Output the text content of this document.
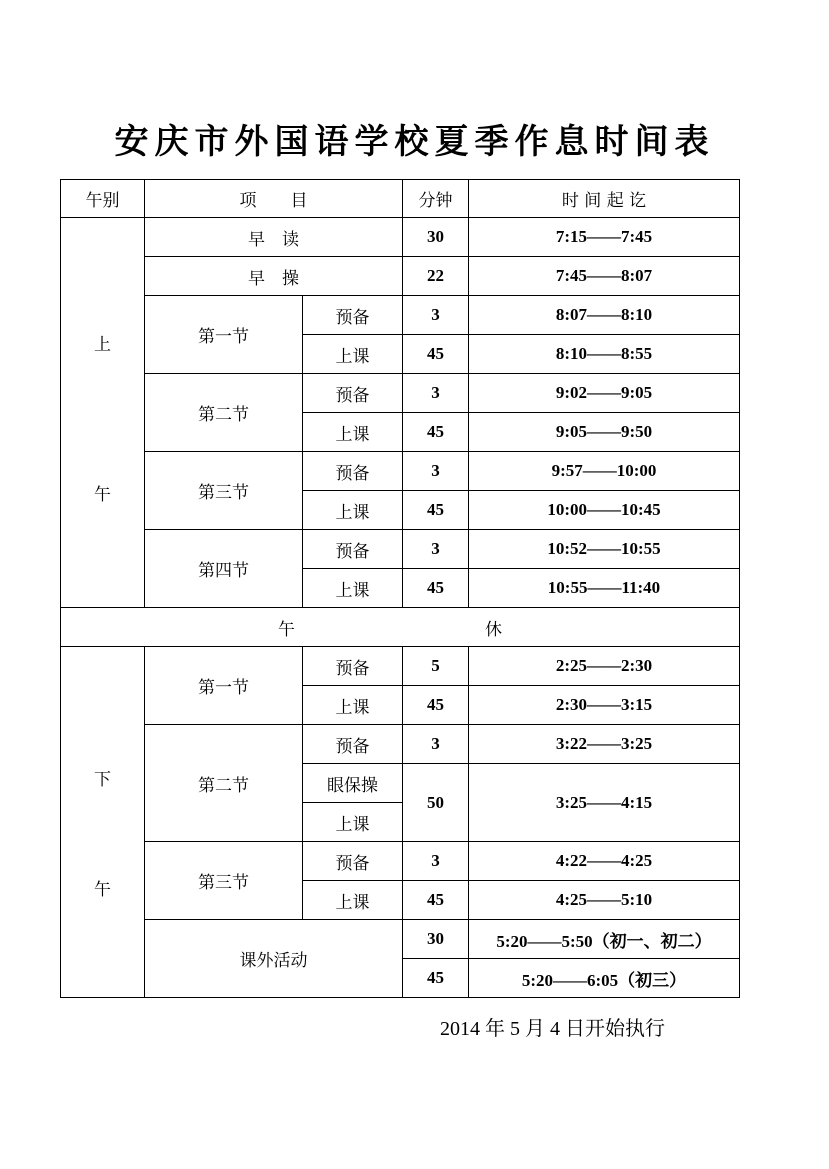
安庆市外国语学校夏季作息时间表
午别	项　　目		分钟	时 间 起 讫

上
午	早　读		30	7:15——7:45
	早　操		22	7:45——8:07
	第一节	预备	3	8:07——8:10
		上课	45	8:10——8:55
	第二节	预备	3	9:02——9:05
		上课	45	9:05——9:50
	第三节	预备	3	9:57——10:00
		上课	45	10:00——10:45
	第四节	预备	3	10:52——10:55
		上课	45	10:55——11:40

午 休				

下
午	第一节	预备	5	2:25——2:30
		上课	45	2:30——3:15
	第二节	预备	3	3:22——3:25
		眼保操	50	3:25——4:15
		上课		
	第三节	预备	3	4:22——4:25
		上课	45	4:25——5:10
	课外活动		30	5:20——5:50（初一、初二）
			45	5:20——6:05（初三）
2014 年 5 月 4 日开始执行
